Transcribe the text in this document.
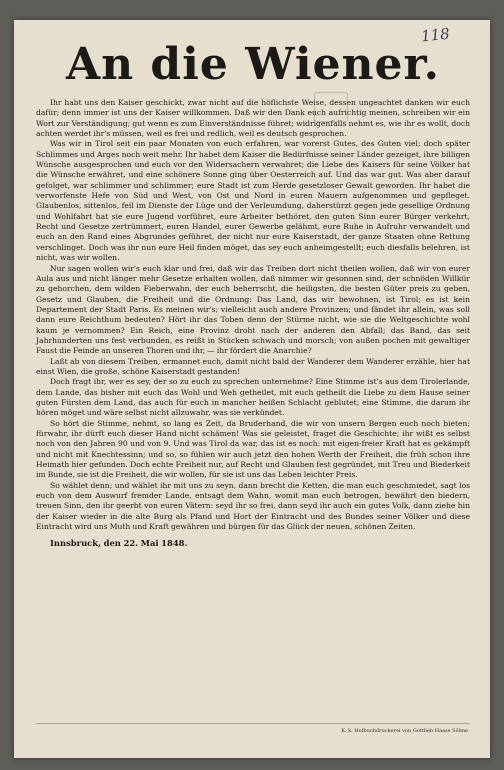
118
An die Wiener.

Ihr habt uns den Kaiser geschickt, zwar nicht auf die höflichste Weise, dessen ungeachtet danken wir euch dafür; denn immer ist uns der Kaiser willkommen. Daß wir den Dank euch aufrichtig meinen, schreiben wir ein Wort zur Verständigung; gut wenn es zum Einverständnisse führet; widrigenfalls nehmt es, wie ihr es wollt, doch achten werdet ihr's müssen, weil es frei und redlich, weil es deutsch gesprochen.

Was wir in Tirol seit ein paar Monaten von euch erfahren, war vorerst Gutes, des Guten viel; doch später Schlimmes und Arges noch weit mehr. Ihr habet dem Kaiser die Bedürfnisse seiner Länder gezeiget, ihre billigen Wünsche ausgesprochen und euch vor den Widersachern verwahret; die Liebe des Kaisers für seine Völker hat die Wünsche erwähret, und eine schönere Sonne ging über Oesterreich auf. Und das war gut. Was aber darauf gefolget, war schlimmer und schlimmer; eure Stadt ist zum Herde gesetzloser Gewalt geworden. Ihr habet die verworfenste Hefe von Süd und West, von Ost und Nord in euren Mauern aufgenommen und gepfleget. Glaubenlos, sittenlos, feil im Dienste der Lüge und der Verleumdung, daherstürzt gegen jede gesellige Ordnung und Wohlfahrt hat sie eure Jugend vorführet, eure Arbeiter bethöret, den guten Sinn eurer Bürger verkehrt, Recht und Gesetze zertrümmert, euren Handel, eurer Gewerbe gelähmt, eure Ruhe in Aufruhr verwandelt und euch an den Rand eines Abgrundes geführet, der nicht nur eure Kaiserstadt, der ganze Staaten ohne Rettung verschlinget. Doch was ihr nun eure Heil finden möget, das sey euch anheimgestellt; euch diesfalls belehren, ist nicht, was wir wollen.

Nur sagen wollen wir's euch klar und frei, daß wir das Treiben dort nicht theilen wollen, daß wir von eurer Aula aus und nicht länger mehr Gesetze erhalten wollen, daß nimmer wir gesonnen sind, der schnöden Willkür zu gehorchen, dem wilden Fieberwahn, der euch beherrscht, die heiligsten, die besten Güter preis zu geben, Gesetz und Glauben, die Freiheit und die Ordnung: Das Land, das wir bewohnen, ist Tirol; es ist kein Departement der Stadt Paris. Es meinen wir's; vielleicht auch andere Provinzen; und fändet ihr allein, was soll dann eure Reichthum bedeuten? Hört ihr das Toben denn der Stürme nicht, wie sie die Weltgeschichte wohl kaum je vernommen? Ein Reich, eine Provinz droht nach der anderen den Abfall; das Band, das seit Jahrhunderten uns fest verbunden, es reißt in Stücken schwach und morsch; von außen pochen mit gewaltiger Faust die Feinde an unseren Thoren und ihr, — ihr fördert die Anarchie?

Laßt ab von diesem Treiben, ermannet euch, damit nicht bald der Wanderer dem Wanderer erzähle, hier hat einst Wien, die große, schöne Kaiserstadt gestanden!

Doch fragt ihr, wer es sey, der so zu euch zu sprechen unternehme? Eine Stimme ist's aus dem Tirolerlande, dem Lande, das bisher mit euch das Wohl und Weh getheilet, mit euch getheilt die Liebe zu dem Hause seiner guten Fürsten dem Land, das auch für euch in mancher heißen Schlacht geblutet; eine Stimme, die darum ihr hören möget und wäre selbst nicht allzuwahr, was sie verkündet.

So hört die Stimme, nehmt, so lang es Zeit, da Bruderhand, die wir von unsern Bergen euch noch bieten; fürwahr, ihr dürft euch dieser Hand nicht schämen! Was sie geleistet, fraget die Geschichte; ihr wißt es selbst noch von den Jahren 90 und von 9. Und was Tirol da war, das ist es noch: mit eigen-freier Kraft hat es gekämpft und nicht mit Knechtessinn; und so, so fühlen wir auch jetzt den hohen Werth der Freiheit, die früh schon ihre Heimath hier gefunden. Doch echte Freiheit nur, auf Recht und Glauben fest gegründet, mit Treu und Biederkeit im Bunde, sie ist die Freiheit, die wir wollen, für sie ist uns das Leben leichter Preis.

So wählet denn; und wählet ihr mit uns zu seyn, dann brecht die Ketten, die man euch geschmiedet, sagt los euch von dem Auswurf fremder Lande, entsagt dem Wahn, womit man euch betrogen, bewährt den biedern, treuen Sinn, den ihr geerbt von euren Vätern: seyd ihr so frei, dann seyd ihr auch ein gutes Volk, dann ziehe hin der Kaiser wieder in die alte Burg als Pfand und Hort der Eintracht und des Bundes seiner Völker und diese Eintracht wird uns Muth und Kraft gewähren und bürgen für das Glück der neuen, schönen Zeiten.

Innsbruck, den 22. Mai 1848.
K. k. Hofbuchdruckerei von Gottlieb Haase Söhne
